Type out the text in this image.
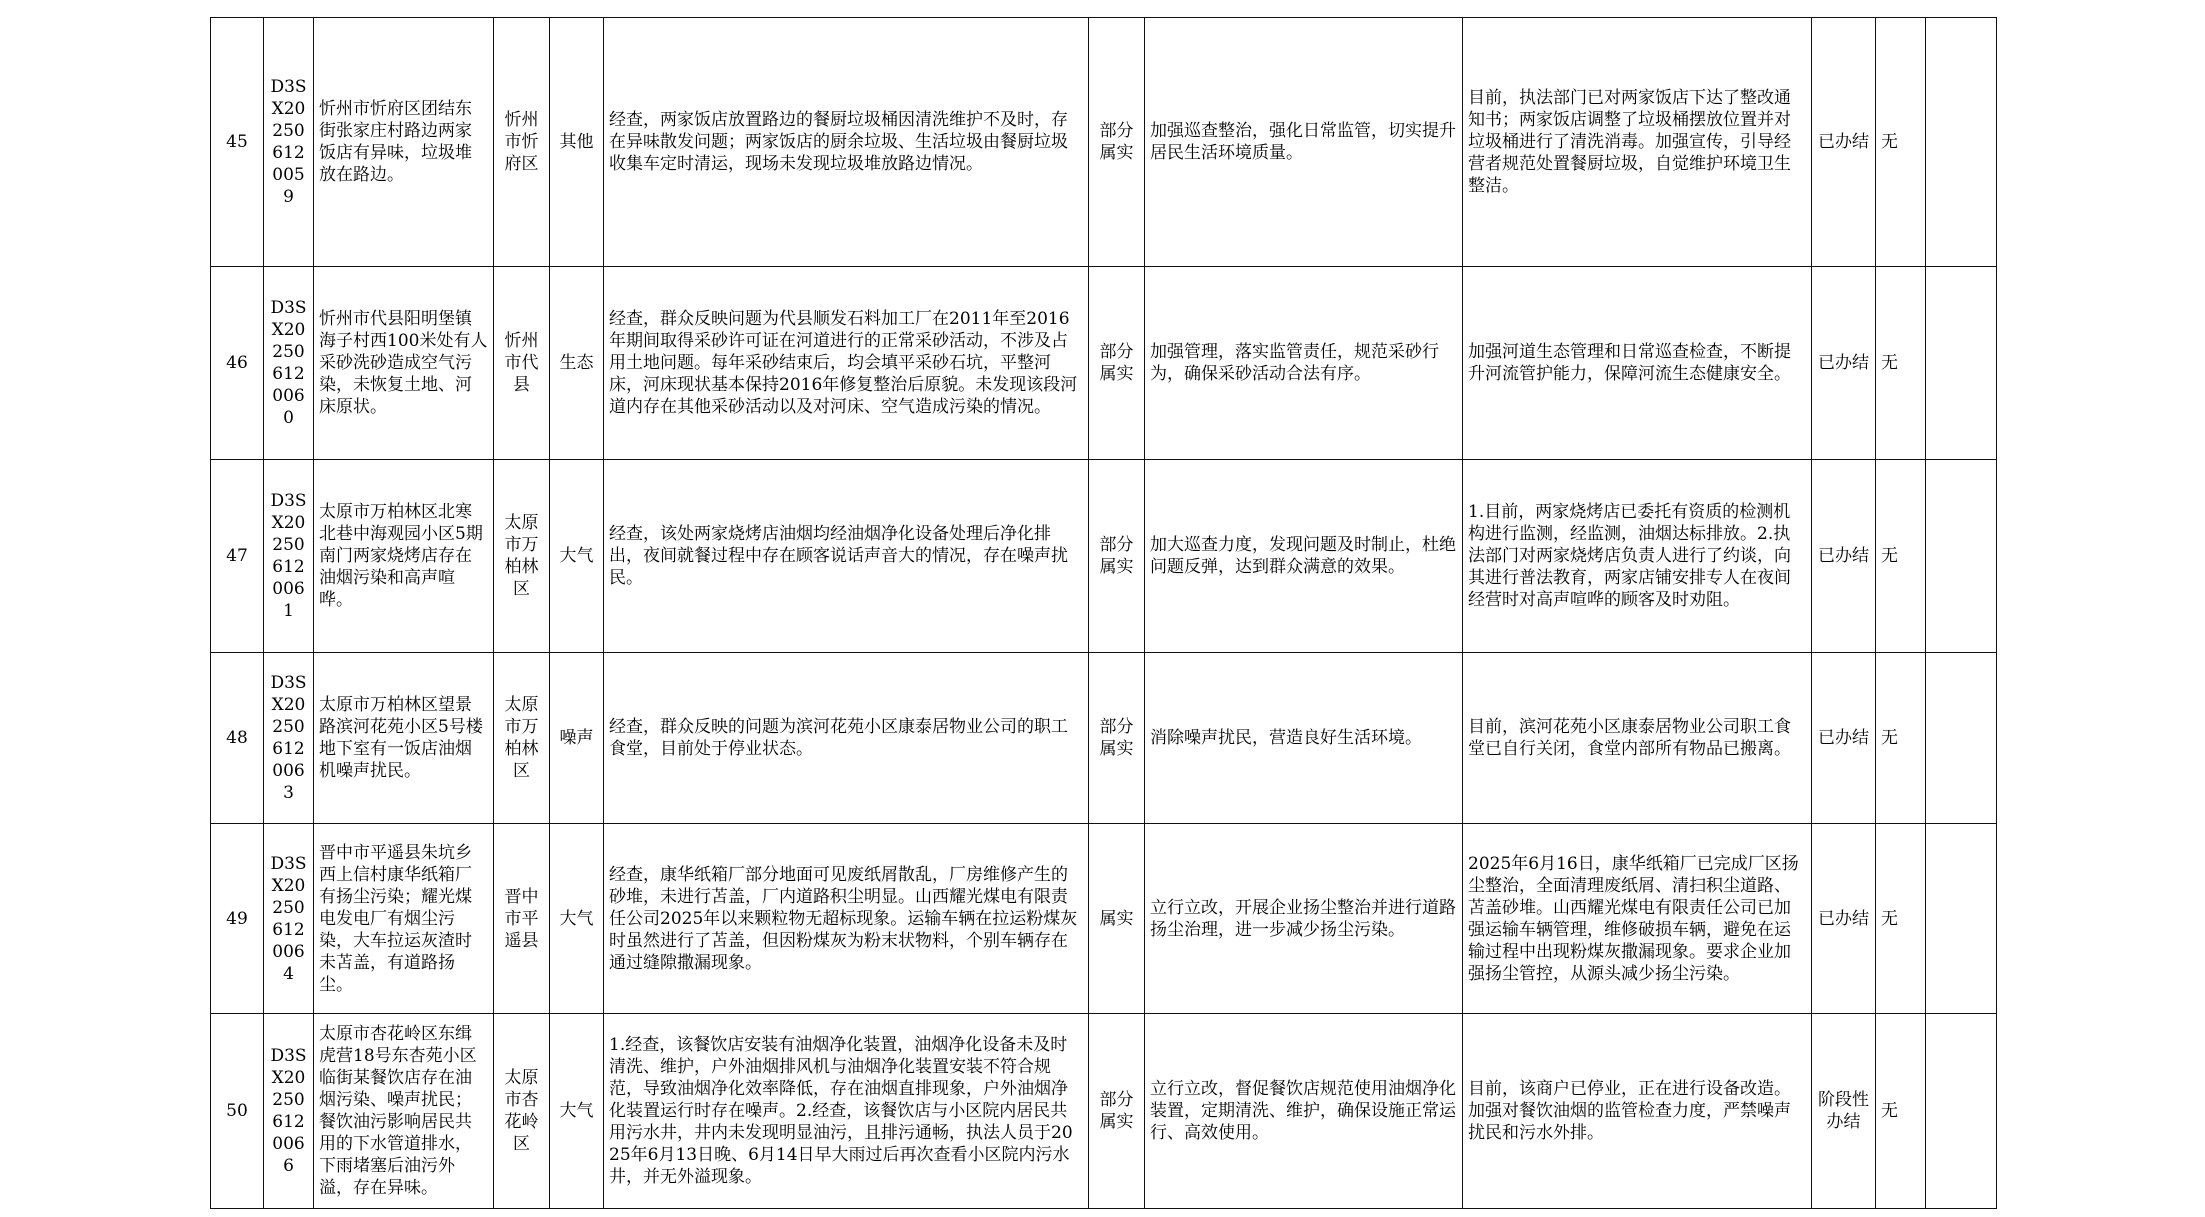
45	D3SX20250612 0059	忻州市忻府区团结东街张家庄村路边两家饭店有异味，垃圾堆放在路边。	忻州市忻府区	其他	经查，两家饭店放置路边的餐厨垃圾桶因清洗维护不及时，存在异味散发问题；两家饭店的厨余垃圾、生活垃圾由餐厨垃圾收集车定时清运，现场未发现垃圾堆放路边情况。	部分属实	加强巡查整治，强化日常监管，切实提升居民生活环境质量。	目前，执法部门已对两家饭店下达了整改通知书；两家饭店调整了垃圾桶摆放位置并对垃圾桶进行了清洗消毒。加强宣传，引导经营者规范处置餐厨垃圾，自觉维护环境卫生整洁。	已办结	无	
46	D3SX20250612 0060	忻州市代县阳明堡镇海子村西100米处有人采砂洗砂造成空气污染，未恢复土地、河床原状。	忻州市代县	生态	经查，群众反映问题为代县顺发石料加工厂在2011年至2016年期间取得采砂许可证在河道进行的正常采砂活动，不涉及占用土地问题。每年采砂结束后，均会填平采砂石坑，平整河床，河床现状基本保持2016年修复整治后原貌。未发现该段河道内存在其他采砂活动以及对河床、空气造成污染的情况。	部分属实	加强管理，落实监管责任，规范采砂行为，确保采砂活动合法有序。	加强河道生态管理和日常巡查检查，不断提升河流管护能力，保障河流生态健康安全。	已办结	无	
47	D3SX20250612 0061	太原市万柏林区北寒北巷中海观园小区5期南门两家烧烤店存在油烟污染和高声喧哗。	太原市万柏林区	大气	经查，该处两家烧烤店油烟均经油烟净化设备处理后净化排出，夜间就餐过程中存在顾客说话声音大的情况，存在噪声扰民。	部分属实	加大巡查力度，发现问题及时制止，杜绝问题反弹，达到群众满意的效果。	1.目前，两家烧烤店已委托有资质的检测机构进行监测，经监测，油烟达标排放。2.执法部门对两家烧烤店负责人进行了约谈，向其进行普法教育，两家店铺安排专人在夜间经营时对高声喧哗的顾客及时劝阻。	已办结	无	
48	D3SX20250612 0063	太原市万柏林区望景路滨河花苑小区5号楼地下室有一饭店油烟机噪声扰民。	太原市万柏林区	噪声	经查，群众反映的问题为滨河花苑小区康泰居物业公司的职工食堂，目前处于停业状态。	部分属实	消除噪声扰民，营造良好生活环境。	目前，滨河花苑小区康泰居物业公司职工食堂已自行关闭，食堂内部所有物品已搬离。	已办结	无	
49	D3SX20250612 0064	晋中市平遥县朱坑乡西上信村康华纸箱厂有扬尘污染；耀光煤电发电厂有烟尘污染，大车拉运灰渣时未苫盖，有道路扬尘。	晋中市平遥县	大气	经查，康华纸箱厂部分地面可见废纸屑散乱，厂房维修产生的砂堆，未进行苫盖，厂内道路积尘明显。山西耀光煤电有限责任公司2025年以来颗粒物无超标现象。运输车辆在拉运粉煤灰时虽然进行了苫盖，但因粉煤灰为粉末状物料，个别车辆存在通过缝隙撒漏现象。	属实	立行立改，开展企业扬尘整治并进行道路扬尘治理，进一步减少扬尘污染。	2025年6月16日，康华纸箱厂已完成厂区扬尘整治，全面清理废纸屑、清扫积尘道路、苫盖砂堆。山西耀光煤电有限责任公司已加强运输车辆管理，维修破损车辆，避免在运输过程中出现粉煤灰撒漏现象。要求企业加强扬尘管控，从源头减少扬尘污染。	已办结	无	
50	D3SX20250612 0066	太原市杏花岭区东缉虎营18号东杏苑小区临街某餐饮店存在油烟污染、噪声扰民；餐饮油污影响居民共用的下水管道排水，下雨堵塞后油污外溢，存在异味。	太原市杏花岭区	大气	1.经查，该餐饮店安装有油烟净化装置，油烟净化设备未及时清洗、维护，户外油烟排风机与油烟净化装置安装不符合规范，导致油烟净化效率降低，存在油烟直排现象，户外油烟净化装置运行时存在噪声。2.经查，该餐饮店与小区院内居民共用污水井，井内未发现明显油污，且排污通畅，执法人员于2025年6月13日晚、6月14日早大雨过后再次查看小区院内污水井，并无外溢现象。	部分属实	立行立改，督促餐饮店规范使用油烟净化装置，定期清洗、维护，确保设施正常运行、高效使用。	目前，该商户已停业，正在进行设备改造。加强对餐饮油烟的监管检查力度，严禁噪声扰民和污水外排。	阶段性办结	无	
